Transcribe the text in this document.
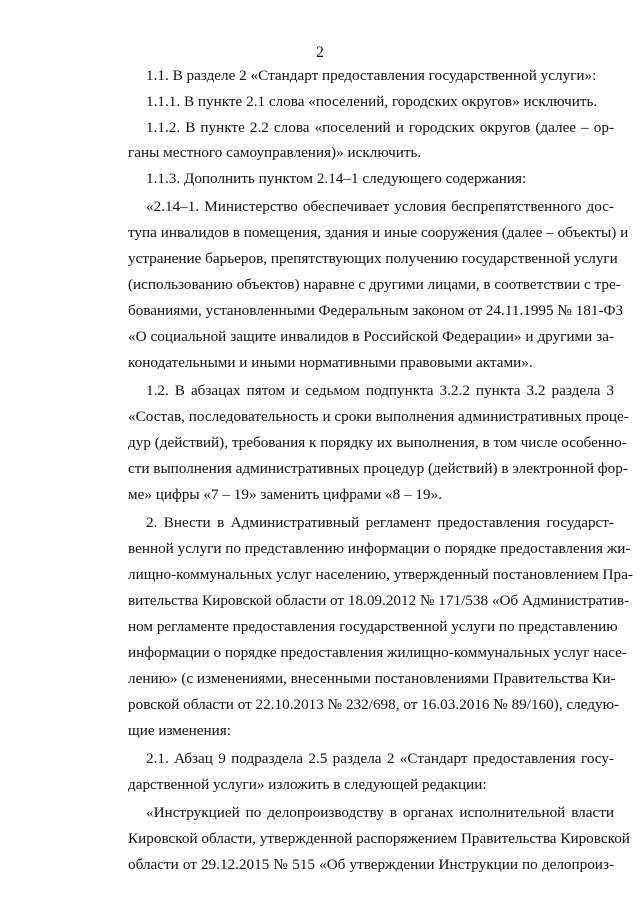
2
1.1. В разделе 2 «Стандарт предоставления государственной услуги»:
1.1.1. В пункте 2.1 слова «поселений, городских округов» исключить.
1.1.2. В пункте 2.2 слова «поселений и городских округов (далее – ор-
ганы местного самоуправления)» исключить.
1.1.3. Дополнить пунктом 2.14–1 следующего содержания:
«2.14–1. Министерство обеспечивает условия беспрепятственного дос-
тупа инвалидов в помещения, здания и иные сооружения (далее – объекты) и
устранение барьеров, препятствующих получению государственной услуги
(использованию объектов) наравне с другими лицами, в соответствии с тре-
бованиями, установленными Федеральным законом от 24.11.1995 № 181-ФЗ
«О социальной защите инвалидов в Российской Федерации» и другими за-
конодательными и иными нормативными правовыми актами».
1.2. В абзацах пятом и седьмом подпункта 3.2.2 пункта 3.2 раздела 3
«Состав, последовательность и сроки выполнения административных проце-
дур (действий), требования к порядку их выполнения, в том числе особенно-
сти выполнения административных процедур (действий) в электронной фор-
ме» цифры «7 – 19» заменить цифрами «8 – 19».
2. Внести в Административный регламент предоставления государст-
венной услуги по представлению информации о порядке предоставления жи-
лищно-коммунальных услуг населению, утвержденный постановлением Пра-
вительства Кировской области от 18.09.2012 № 171/538 «Об Административ-
ном регламенте предоставления государственной услуги по представлению
информации о порядке предоставления жилищно-коммунальных услуг насе-
лению» (с изменениями, внесенными постановлениями Правительства Ки-
ровской области от 22.10.2013 № 232/698, от 16.03.2016 № 89/160), следую-
щие изменения:
2.1. Абзац 9 подраздела 2.5 раздела 2 «Стандарт предоставления госу-
дарственной услуги» изложить в следующей редакции:
«Инструкцией по делопроизводству в органах исполнительной власти
Кировской области, утвержденной распоряжением Правительства Кировской
области от 29.12.2015 № 515 «Об утверждении Инструкции по делопроиз-
